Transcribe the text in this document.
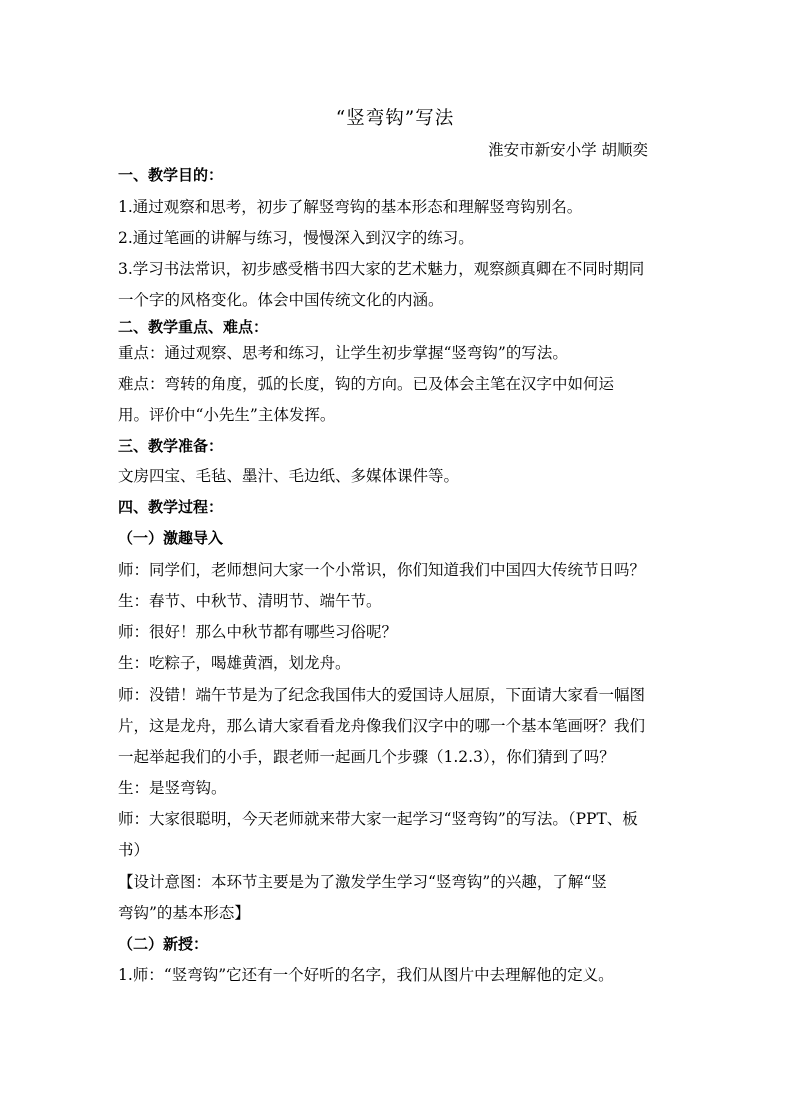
“竖弯钩”写法
淮安市新安小学 胡顺奕
一、教学目的：
1.通过观察和思考，初步了解竖弯钩的基本形态和理解竖弯钩别名。
2.通过笔画的讲解与练习，慢慢深入到汉字的练习。
3.学习书法常识，初步感受楷书四大家的艺术魅力，观察颜真卿在不同时期同
一个字的风格变化。体会中国传统文化的内涵。
二、教学重点、难点：
重点：通过观察、思考和练习，让学生初步掌握“竖弯钩”的写法。
难点：弯转的角度，弧的长度，钩的方向。已及体会主笔在汉字中如何运
用。评价中“小先生”主体发挥。
三、教学准备：
文房四宝、毛毡、墨汁、毛边纸、多媒体课件等。
四、教学过程：
（一）激趣导入
师：同学们，老师想问大家一个小常识，你们知道我们中国四大传统节日吗？
生：春节、中秋节、清明节、端午节。
师：很好！那么中秋节都有哪些习俗呢？
生：吃粽子，喝雄黄酒，划龙舟。
师：没错！端午节是为了纪念我国伟大的爱国诗人屈原，下面请大家看一幅图
片，这是龙舟，那么请大家看看龙舟像我们汉字中的哪一个基本笔画呀？我们
一起举起我们的小手，跟老师一起画几个步骤（1.2.3），你们猜到了吗？
生：是竖弯钩。
师：大家很聪明，今天老师就来带大家一起学习“竖弯钩”的写法。（PPT、板
书）
【设计意图：本环节主要是为了激发学生学习“竖弯钩”的兴趣，了解“竖
弯钩”的基本形态】
（二）新授：
1.师：“竖弯钩”它还有一个好听的名字，我们从图片中去理解他的定义。
